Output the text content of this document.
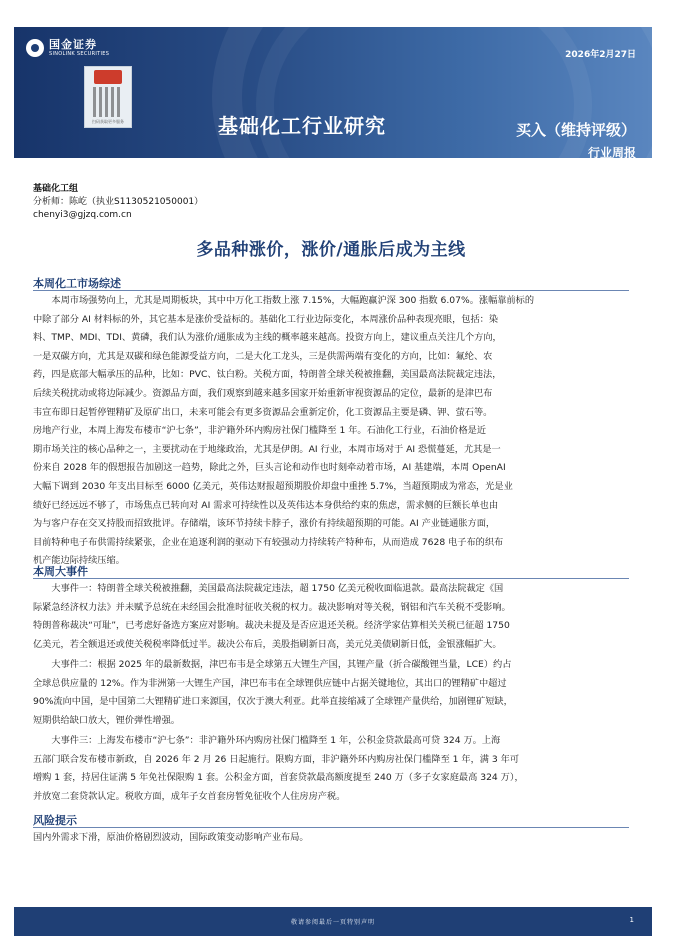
国金证券
SINOLINK SECURITIES
扫码获取更多服务
2026年2月27日
基础化工行业研究	买入（维持评级）
行业周报
证券研究报告
基础化工组
分析师：陈屹（执业S1130521050001）
chenyi3@gjzq.com.cn
多品种涨价，涨价/通胀后成为主线
本周化工市场综述
本周市场强势向上，尤其是周期板块，其中中万化工指数上涨 7.15%，大幅跑赢沪深 300 指数 6.07%。涨幅靠前标的
中除了部分 AI 材料标的外，其它基本是涨价受益标的。基础化工行业边际变化，本周涨价品种表现亮眼，包括：染
料、TMP、MDI、TDI、黄磷，我们认为涨价/通胀成为主线的概率越来越高。投资方向上，建议重点关注几个方向，
一是双碳方向，尤其是双碳和绿色能源受益方向，二是大化工龙头，三是供需两端有变化的方向，比如：氟纶、农
药，四是底部大幅承压的品种，比如：PVC、钛白粉。关税方面，特朗普全球关税被推翻，美国最高法院裁定违法，
后续关税扰动或将边际减少。资源品方面，我们观察到越来越多国家开始重新审视资源品的定位，最新的是津巴布
韦宣布即日起暂停锂精矿及原矿出口，未来可能会有更多资源品会重新定价，化工资源品主要是磷、钾、萤石等。
房地产行业，本周上海发布楼市“沪七条”，非沪籍外环内购房社保门槛降至 1 年。石油化工行业，石油价格是近
期市场关注的核心品种之一，主要扰动在于地缘政治，尤其是伊朗。AI 行业，本周市场对于 AI 恐慌蔓延，尤其是一
份来自 2028 年的假想报告加剧这一趋势，除此之外，巨头言论和动作也时刻牵动着市场，AI 基建端，本周 OpenAI
大幅下调到 2030 年支出目标至 6000 亿美元，英伟达财报超预期股价却盘中重挫 5.7%，当超预期成为常态，光是业
绩好已经远远不够了，市场焦点已转向对 AI 需求可持续性以及英伟达本身供给约束的焦虑，需求侧的巨额长单也由
为与客户存在交叉持股而招致批评。存储端，该环节持续卡脖子，涨价有持续超预期的可能。AI 产业链通胀方面，
目前特种电子布供需持续紧张，企业在追逐利润的驱动下有较强动力持续转产特种布，从而造成 7628 电子布的织布
机产能边际持续压缩。
本周大事件
大事件一：特朗普全球关税被推翻，美国最高法院裁定违法，超 1750 亿美元税收面临退款。最高法院裁定《国
际紧急经济权力法》并未赋予总统在未经国会批准时征收关税的权力。裁决影响对等关税，钢铝和汽车关税不受影响。
特朗普称裁决“可耻”，已考虑好备选方案应对影响。裁决未提及是否应退还关税。经济学家估算相关关税已征超 1750
亿美元，若全额退还或使关税税率降低过半。裁决公布后，美股指刷新日高，美元兑美债刷新日低，金银涨幅扩大。
大事件二：根据 2025 年的最新数据，津巴布韦是全球第五大锂生产国，其锂产量（折合碳酸锂当量，LCE）约占
全球总供应量的 12%。作为非洲第一大锂生产国，津巴布韦在全球锂供应链中占据关键地位，其出口的锂精矿中超过
90%流向中国，是中国第二大锂精矿进口来源国，仅次于澳大利亚。此举直接缩减了全球锂产量供给，加剧锂矿短缺，
短期供给缺口放大，锂价弹性增强。
大事件三：上海发布楼市“沪七条”：非沪籍外环内购房社保门槛降至 1 年，公积金贷款最高可贷 324 万。上海
五部门联合发布楼市新政，自 2026 年 2 月 26 日起施行。限购方面，非沪籍外环内购房社保门槛降至 1 年，满 3 年可
增购 1 套，持居住证满 5 年免社保限购 1 套。公积金方面，首套贷款最高额度提至 240 万（多子女家庭最高 324 万），
并放宽二套贷款认定。税收方面，成年子女首套房暂免征收个人住房房产税。
风险提示
国内外需求下滑，原油价格剧烈波动，国际政策变动影响产业布局。
敬请参阅最后一页特别声明	1
